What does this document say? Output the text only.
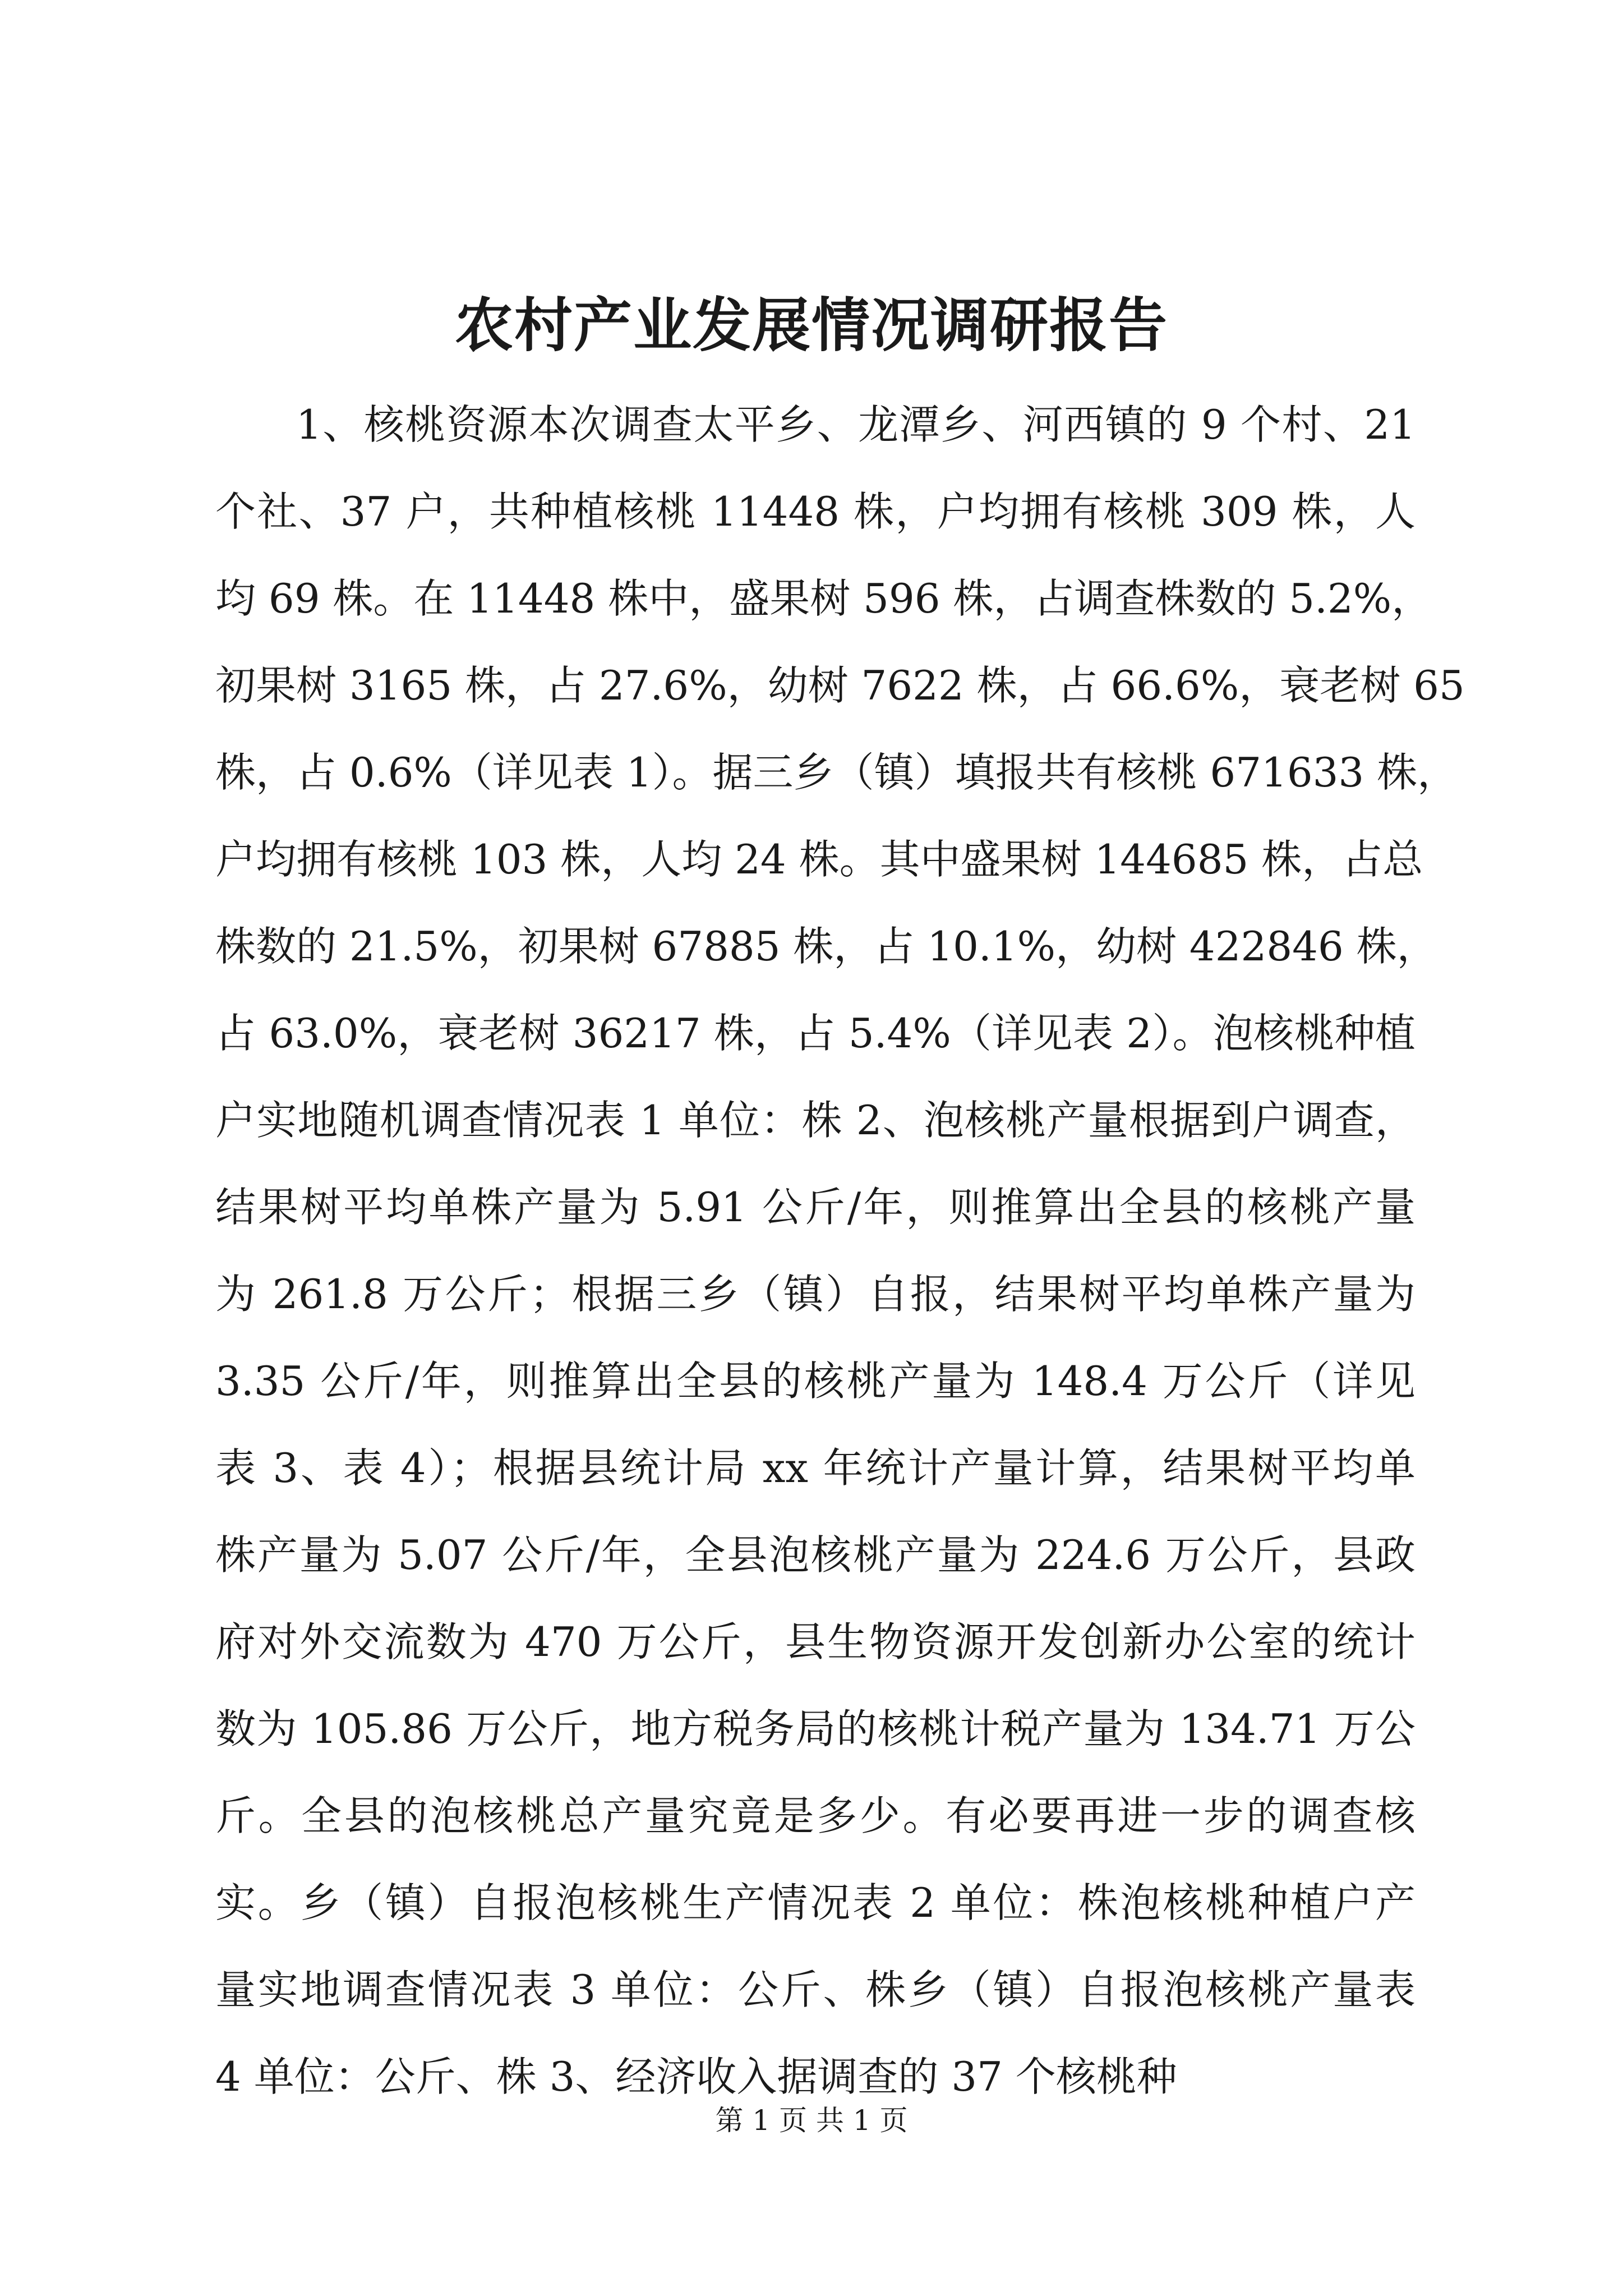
农村产业发展情况调研报告
1、核桃资源本次调查太平乡、龙潭乡、河西镇的 9 个村、21
个社、37 户，共种植核桃 11448 株，户均拥有核桃 309 株，人
均 69 株。在 11448 株中，盛果树 596 株，占调查株数的 5.2%，
初果树 3165 株，占 27.6%，幼树 7622 株，占 66.6%，衰老树 65
株，占 0.6%（详见表 1）。据三乡（镇）填报共有核桃 671633 株，
户均拥有核桃 103 株，人均 24 株。其中盛果树 144685 株，占总
株数的 21.5%，初果树 67885 株，占 10.1%，幼树 422846 株，
占 63.0%，衰老树 36217 株，占 5.4%（详见表 2）。泡核桃种植
户实地随机调查情况表 1 单位：株 2、泡核桃产量根据到户调查，
结果树平均单株产量为 5.91 公斤/年，则推算出全县的核桃产量
为 261.8 万公斤；根据三乡（镇）自报，结果树平均单株产量为
3.35 公斤/年，则推算出全县的核桃产量为 148.4 万公斤（详见
表 3、表 4）；根据县统计局 xx 年统计产量计算，结果树平均单
株产量为 5.07 公斤/年，全县泡核桃产量为 224.6 万公斤，县政
府对外交流数为 470 万公斤，县生物资源开发创新办公室的统计
数为 105.86 万公斤，地方税务局的核桃计税产量为 134.71 万公
斤。全县的泡核桃总产量究竟是多少。有必要再进一步的调查核
实。乡（镇）自报泡核桃生产情况表 2 单位：株泡核桃种植户产
量实地调查情况表 3 单位：公斤、株乡（镇）自报泡核桃产量表
4 单位：公斤、株 3、经济收入据调查的 37 个核桃种
第 1 页 共 1 页
